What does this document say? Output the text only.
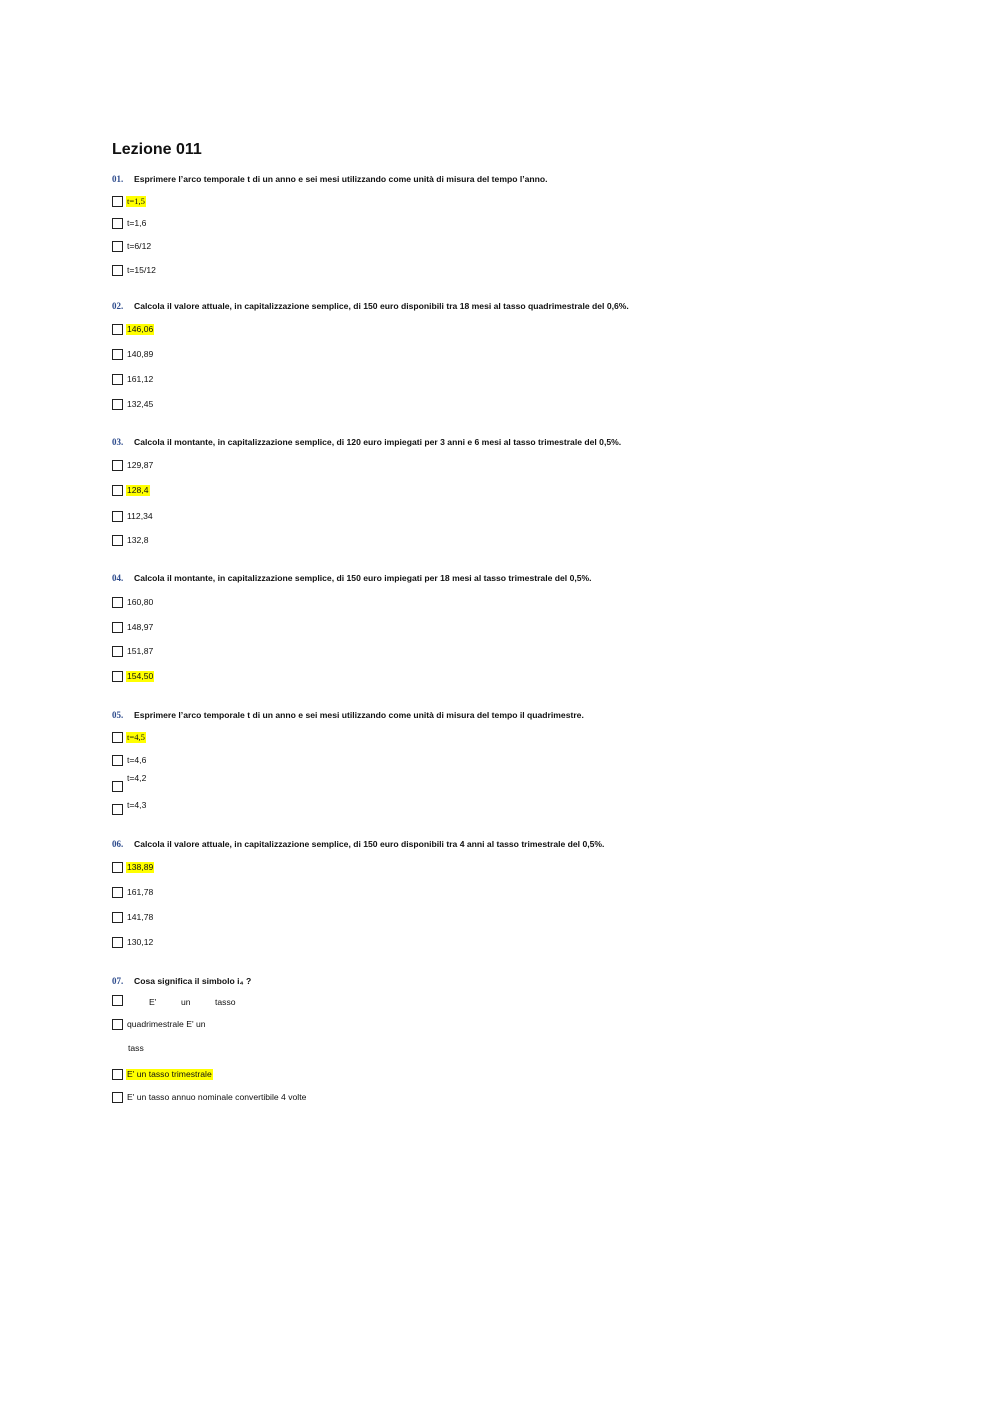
Lezione 011
01. Esprimere l’arco temporale t di un anno e sei mesi utilizzando come unità di misura del tempo l’anno.
t=1,5
t=1,6
t=6/12
t=15/12
02. Calcola il valore attuale, in capitalizzazione semplice, di 150 euro disponibili tra 18 mesi al tasso quadrimestrale del 0,6%.
146,06
140,89
161,12
132,45
03. Calcola il montante, in capitalizzazione semplice, di 120 euro impiegati per 3 anni e 6 mesi al tasso trimestrale del 0,5%.
129,87
128,4
112,34
132,8
04. Calcola il montante, in capitalizzazione semplice, di 150 euro impiegati per 18 mesi al tasso trimestrale del 0,5%.
160,80
148,97
151,87
154,50
05. Esprimere l’arco temporale t di un anno e sei mesi utilizzando come unità di misura del tempo il quadrimestre.
t=4,5
t=4,6
t=4,2
t=4,3
06. Calcola il valore attuale, in capitalizzazione semplice, di 150 euro disponibili tra 4 anni al tasso trimestrale del 0,5%.
138,89
161,78
141,78
130,12
07. Cosa significa il simbolo i₄ ?
E'	un	tasso
quadrimestrale E' un
tass
E' un tasso trimestrale
E' un tasso annuo nominale convertibile 4 volte
